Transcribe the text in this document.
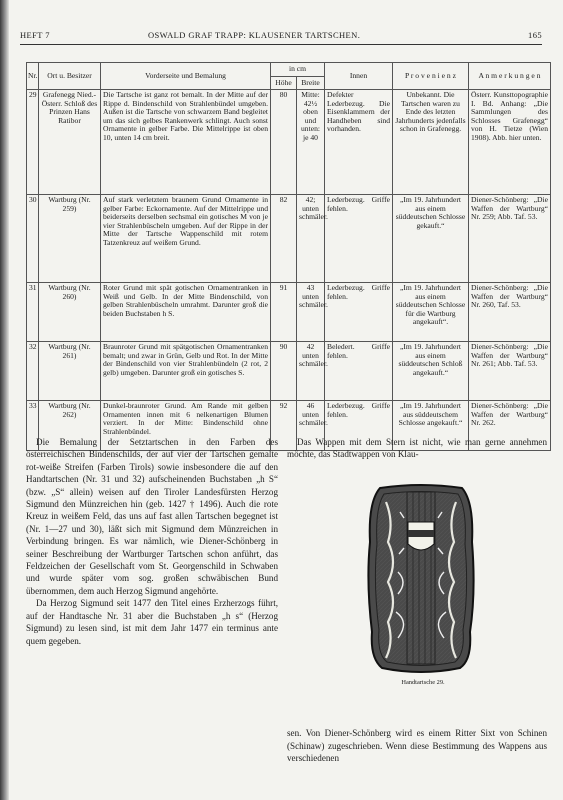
HEFT 7	OSWALD GRAF TRAPP: KLAUSENER TARTSCHEN.	165
Nr.	Ort u. Besitzer	Vorderseite und Bemalung	in cm		Innen	P r o v e n i e n z	A n m e r k u n g e n
			Höhe	Breite			
29	Grafenegg Nied.-Österr. Schloß des Prinzen Hans Ratibor	Die Tartsche ist ganz rot bemalt. In der Mitte auf der Rippe d. Bindenschild von Strahlenbündel umgeben. Außen ist die Tartsche von schwarzem Band begleitet um das sich gelbes Rankenwerk schlingt. Auch sonst Ornamente in gelber Farbe. Die Mittelrippe ist oben 10, unten 14 cm breit.	80	Mitte: 42½ oben und unten: je 40	Defekter Lederbezug. Die Eisenklammern der Handheben sind vorhanden.	Unbekannt. Die Tartschen waren zu Ende des letzten Jahrhunderts jedenfalls schon in Grafenegg.	Österr. Kunsttopographie I. Bd. Anhang: „Die Sammlungen des Schlosses Grafenegg“ von H. Tietze (Wien 1908). Abb. hier unten.
30	Wartburg (Nr. 259)	Auf stark verletztem braunem Grund Ornamente in gelber Farbe: Eckornamente. Auf der Mittelrippe und beiderseits derselben sechsmal ein gotisches M von je vier Strahlenbüscheln umgeben. Auf der Rippe in der Mitte der Tartsche Wappenschild mit rotem Tatzenkreuz auf weißem Grund.	82	42; unten schmäler.	Lederbezug. Griffe fehlen.	„Im 19. Jahrhundert aus einem süddeutschen Schlosse gekauft.“	Diener-Schönberg: „Die Waffen der Wartburg“ Nr. 259; Abb. Taf. 53.
31	Wartburg (Nr. 260)	Roter Grund mit spät gotischen Ornamentranken in Weiß und Gelb. In der Mitte Bindenschild, von gelben Strahlenbüscheln umrahmt. Darunter groß die beiden Buchstaben h S.	91	43 unten schmäler.	Lederbezug. Griffe fehlen.	„Im 19. Jahrhundert aus einem süddeutschen Schlosse für die Wartburg angekauft“.	Diener-Schönberg: „Die Waffen der Wartburg“ Nr. 260, Taf. 53.
32	Wartburg (Nr. 261)	Braunroter Grund mit spätgotischen Ornamentranken bemalt; und zwar in Grün, Gelb und Rot. In der Mitte der Bindenschild von vier Strahlenbündeln (2 rot, 2 gelb) umgeben. Darunter groß ein gotisches S.	90	42 unten schmäler.	Beledert. Griffe fehlen.	„Im 19. Jahrhundert aus einem süddeutschen Schloß angekauft.“	Diener-Schönberg: „Die Waffen der Wartburg“ Nr. 261; Abb. Taf. 53.
33	Wartburg (Nr. 262)	Dunkel-braunroter Grund. Am Rande mit gelben Ornamenten innen mit 6 nelkenartigen Blumen verziert. In der Mitte: Bindenschild ohne Strahlenbündel.	92	46 unten schmäler.	Lederbezug. Griffe fehlen.	„Im 19. Jahrhundert aus süddeutschem Schlosse angekauft.“	Diener-Schönberg: „Die Waffen der Wartburg“ Nr. 262.

Die Bemalung der Setztartschen in den Farben des österreichischen Bindenschilds, der auf vier der Tartschen gemalte rot-weiße Streifen (Farben Tirols) sowie insbesondere die auf den Handtartschen (Nr. 31 und 32) aufscheinenden Buchstaben „h S“ (bzw. „S“ allein) weisen auf den Tiroler Landesfürsten Herzog Sigmund den Münzreichen hin (geb. 1427 † 1496). Auch die rote Kreuz in weißem Feld, das uns auf fast allen Tartschen begegnet ist (Nr. 1—27 und 30), läßt sich mit Sigmund dem Münzreichen in Verbindung bringen. Es war nämlich, wie Diener-Schönberg in seiner Beschreibung der Wartburger Tartschen schon anführt, das Feldzeichen der Gesellschaft vom St. Georgenschild in Schwaben und wurde später vom sog. großen schwäbischen Bund übernommen, dem auch Herzog Sigmund angehörte.

Da Herzog Sigmund seit 1477 den Titel eines Erzherzogs führt, auf der Handtasche Nr. 31 aber die Buchstaben „h s“ (Herzog Sigmund) zu lesen sind, ist mit dem Jahr 1477 ein terminus ante quem gegeben.

Das Wappen mit dem Stern ist nicht, wie man gerne annehmen möchte, das Stadtwappen von Klau-

Handtartsche 29.

sen. Von Diener-Schönberg wird es einem Ritter Sixt von Schinen (Schinaw) zugeschrieben. Wenn diese Bestimmung des Wappens aus verschiedenen
